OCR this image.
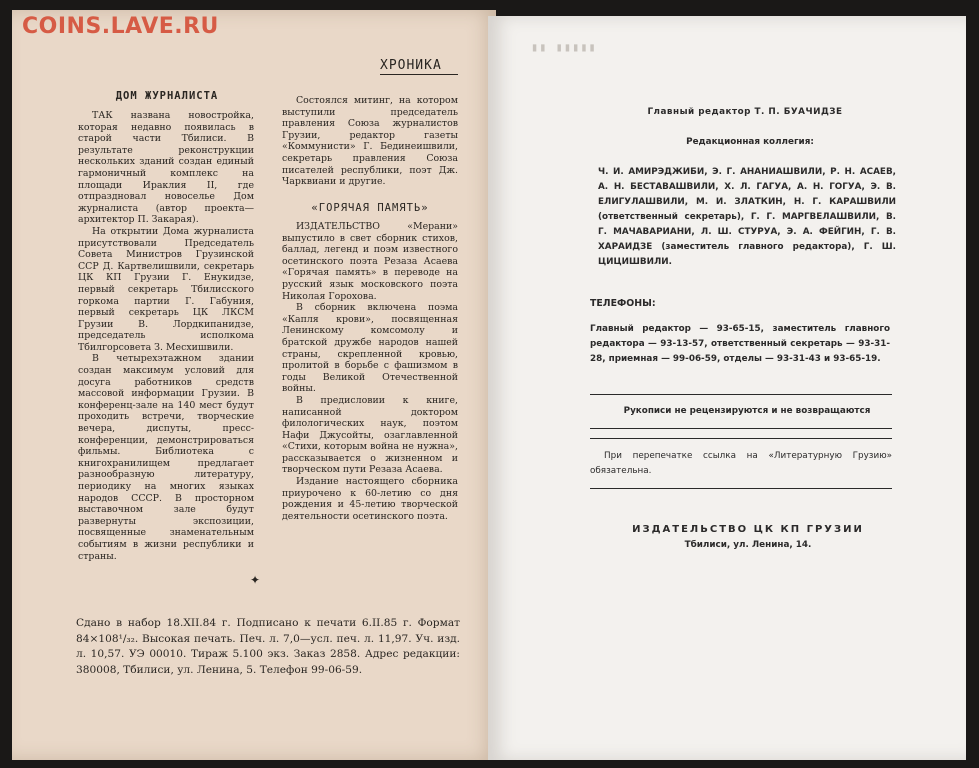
COINS.LAVE.RU

ХРОНИКА

ДОМ ЖУРНАЛИСТА

ТАК названа новостройка, которая недавно появилась в старой части Тбилиси. В результате реконструкции нескольких зданий создан единый гармоничный комплекс на площади Ираклия II, где отпраздновал новоселье Дом журналиста (автор проекта— архитектор П. Закарая).

На открытии Дома журналиста присутствовали Председатель Совета Министров Грузинской ССР Д. Картвелишвили, секретарь ЦК КП Грузии Г. Енукидзе, первый секретарь Тбилисского горкома партии Г. Габуния, первый секретарь ЦК ЛКСМ Грузии В. Лордкипанидзе, председатель исполкома Тбилгорсовета З. Месхишвили.

В четырехэтажном здании создан максимум условий для досуга работников средств массовой информации Грузии. В конференц-зале на 140 мест будут проходить встречи, творческие вечера, диспуты, пресс-конференции, демонстрироваться фильмы. Библиотека с книгохранилищем предлагает разнообразную литературу, периодику на многих языках народов СССР. В просторном выставочном зале будут развернуты экспозиции, посвященные знаменательным событиям в жизни республики и страны.

Состоялся митинг, на котором выступили председатель правления Союза журналистов Грузии, редактор газеты «Коммунисти» Г. Бединеишвили, секретарь правления Союза писателей республики, поэт Дж. Чарквиани и другие.

«ГОРЯЧАЯ ПАМЯТЬ»

ИЗДАТЕЛЬСТВО «Мерани» выпустило в свет сборник стихов, баллад, легенд и поэм известного осетинского поэта Резаза Асаева «Горячая память» в переводе на русский язык московского поэта Николая Горохова.

В сборник включена поэма «Капля крови», посвященная Ленинскому комсомолу и братской дружбе народов нашей страны, скрепленной кровью, пролитой в борьбе с фашизмом в годы Великой Отечественной войны.

В предисловии к книге, написанной доктором филологических наук, поэтом Нафи Джусойты, озаглавленной «Стихи, которым война не нужна», рассказывается о жизненном и творческом пути Резаза Асаева.

Издание настоящего сборника приурочено к 60-летию со дня рождения и 45-летию творческой деятельности осетинского поэта.

✦

Сдано в набор 18.XII.84 г. Подписано к печати 6.II.85 г. Формат 84×108¹/₃₂. Высокая печать. Печ. л. 7,0—усл. печ. л. 11,97. Уч. изд. л. 10,57. УЭ 00010. Тираж 5.100 экз. Заказ 2858. Адрес редакции: 380008, Тбилиси, ул. Ленина, 5. Телефон 99-06-59.

▮▮▮▮▮ ▮▮

Главный редактор Т. П. БУАЧИДЗЕ

Редакционная коллегия:

Ч. И. АМИРЭДЖИБИ, Э. Г. АНАНИАШВИЛИ, Р. Н. АСАЕВ, А. Н. БЕСТАВАШВИЛИ, Х. Л. ГАГУА, А. Н. ГОГУА, Э. В. ЕЛИГУЛАШВИЛИ, М. И. ЗЛАТКИН, Н. Г. КАРАШВИЛИ (ответственный секретарь), Г. Г. МАРГВЕЛАШВИЛИ, В. Г. МАЧАВАРИАНИ, Л. Ш. СТУРУА, Э. А. ФЕЙГИН, Г. В. ХАРАИДЗЕ (заместитель главного редактора), Г. Ш. ЦИЦИШВИЛИ.

ТЕЛЕФОНЫ:

Главный редактор — 93-65-15, заместитель главного редактора — 93-13-57, ответственный секретарь — 93-31-28, приемная — 99-06-59, отделы — 93-31-43 и 93-65-19.

Рукописи не рецензируются и не возвращаются

При перепечатке ссылка на «Литературную Грузию» обязательна.

ИЗДАТЕЛЬСТВО ЦК КП ГРУЗИИ

Тбилиси, ул. Ленина, 14.
